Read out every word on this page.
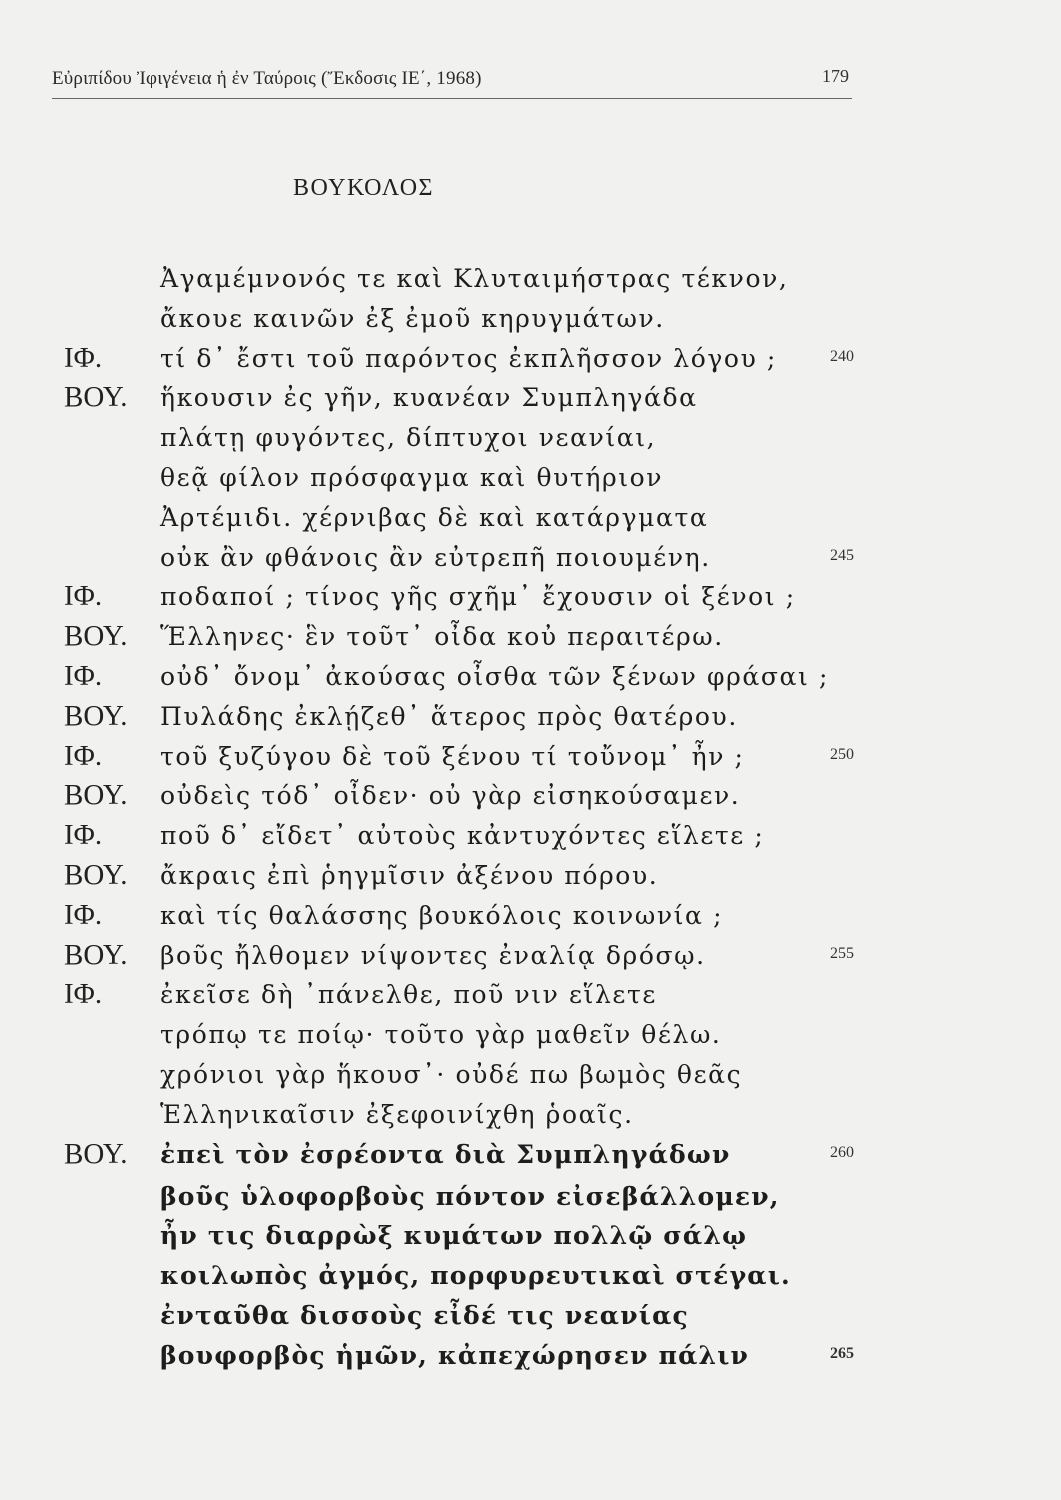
Εὐριπίδου Ἰφιγένεια ἡ ἐν Ταύροις (Ἔκδοσις ΙΕ΄, 1968)	179
ΒΟΥΚΟΛΟΣ
Ἀγαμέμνονός τε καὶ Κλυταιμήστρας τέκνον,
ἄκουε καινῶν ἐξ ἐμοῦ κηρυγμάτων.
ΙΦ. τί δ᾽ ἔστι τοῦ παρόντος ἐκπλῆσσον λόγου ;	240
ΒΟΥ. ἥκουσιν ἐς γῆν, κυανέαν Συμπληγάδα
πλάτῃ φυγόντες, δίπτυχοι νεανίαι,
θεᾷ φίλον πρόσφαγμα καὶ θυτήριον
Ἀρτέμιδι. χέρνιβας δὲ καὶ κατάργματα
οὐκ ἂν φθάνοις ἂν εὐτρεπῆ ποιουμένη.	245
ΙΦ. ποδαποί ; τίνος γῆς σχῆμ᾽ ἔχουσιν οἱ ξένοι ;
ΒΟΥ. Ἕλληνες· ἓν τοῦτ᾽ οἶδα κοὐ περαιτέρω.
ΙΦ. οὐδ᾽ ὄνομ᾽ ἀκούσας οἶσθα τῶν ξένων φράσαι ;
ΒΟΥ. Πυλάδης ἐκλῄζεθ᾽ ἅτερος πρὸς θατέρου.
ΙΦ. τοῦ ξυζύγου δὲ τοῦ ξένου τί τοὔνομ᾽ ἦν ;	250
ΒΟΥ. οὐδεὶς τόδ᾽ οἶδεν· οὐ γὰρ εἰσηκούσαμεν.
ΙΦ. ποῦ δ᾽ εἴδετ᾽ αὐτοὺς κἀντυχόντες εἵλετε ;
ΒΟΥ. ἄκραις ἐπὶ ῥηγμῖσιν ἀξένου πόρου.
ΙΦ. καὶ τίς θαλάσσης βουκόλοις κοινωνία ;
ΒΟΥ. βοῦς ἤλθομεν νίψοντες ἐναλίᾳ δρόσῳ.	255
ΙΦ. ἐκεῖσε δὴ ᾽πάνελθε, ποῦ νιν εἵλετε
τρόπῳ τε ποίῳ· τοῦτο γὰρ μαθεῖν θέλω.
χρόνιοι γὰρ ἥκουσ᾽· οὐδέ πω βωμὸς θεᾶς
Ἑλληνικαῖσιν ἐξεφοινίχθη ῥοαῖς.
ΒΟΥ. ἐπεὶ τὸν ἐσρέοντα διὰ Συμπληγάδων	260
βοῦς ὑλοφορβοὺς πόντον εἰσεβάλλομεν,
ἦν τις διαρρὼξ κυμάτων πολλῷ σάλῳ
κοιλωπὸς ἀγμός, πορφυρευτικαὶ στέγαι.
ἐνταῦθα δισσοὺς εἶδέ τις νεανίας
βουφορβὸς ἡμῶν, κἀπεχώρησεν πάλιν	265
